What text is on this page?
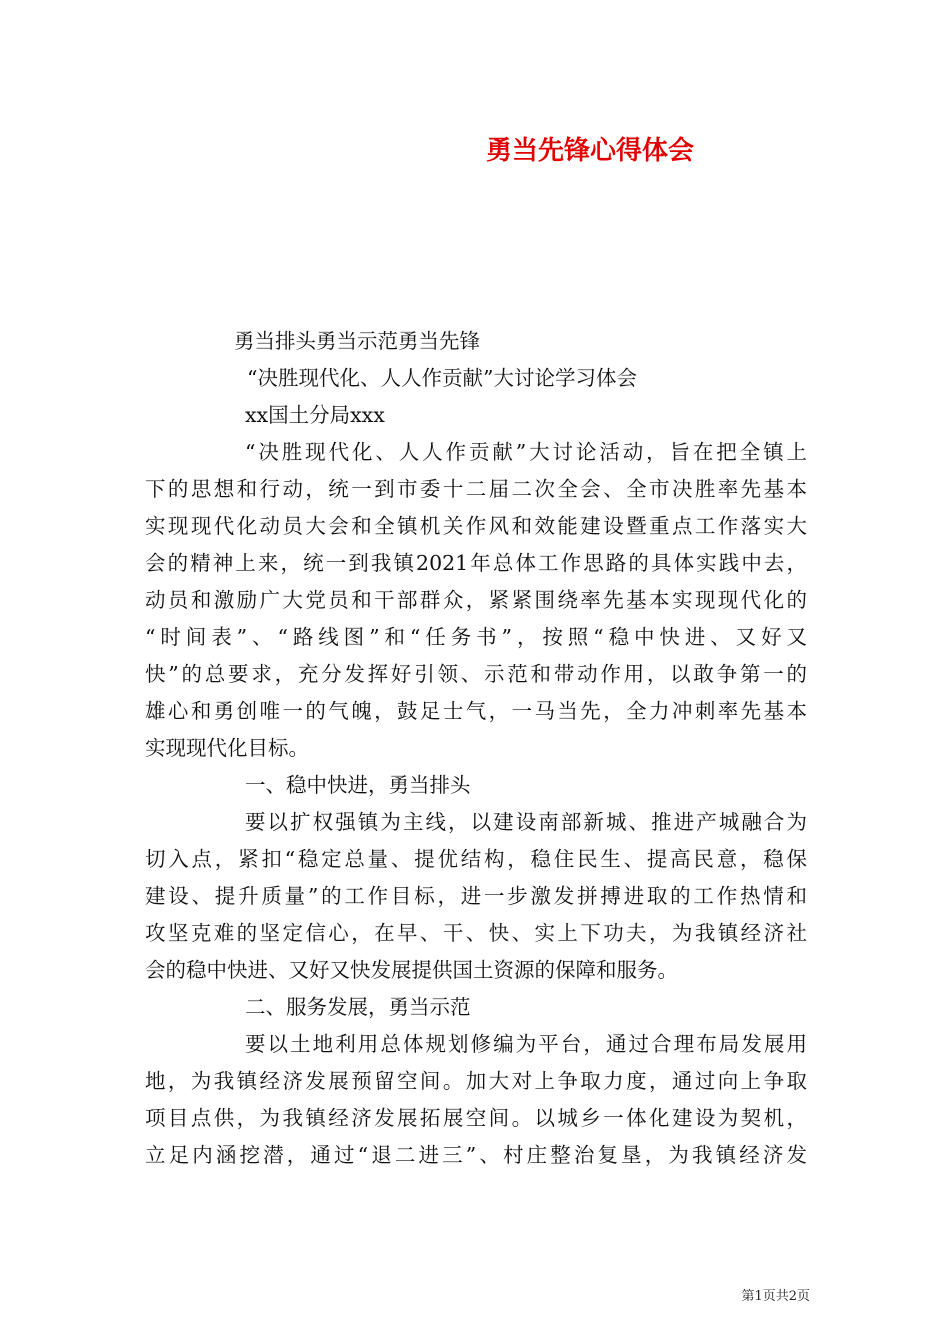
勇当先锋心得体会
勇当排头勇当示范勇当先锋
“决胜现代化、人人作贡献”大讨论学习体会
xx国土分局xxx
“决胜现代化、人人作贡献”大讨论活动，旨在把全镇上
下的思想和行动，统一到市委十二届二次全会、全市决胜率先基本
实现现代化动员大会和全镇机关作风和效能建设暨重点工作落实大
会的精神上来，统一到我镇2021年总体工作思路的具体实践中去，
动员和激励广大党员和干部群众，紧紧围绕率先基本实现现代化的
“时间表”、“路线图”和“任务书”，按照“稳中快进、又好又
快”的总要求，充分发挥好引领、示范和带动作用，以敢争第一的
雄心和勇创唯一的气魄，鼓足士气，一马当先，全力冲刺率先基本
实现现代化目标。
一、稳中快进，勇当排头
要以扩权强镇为主线，以建设南部新城、推进产城融合为
切入点，紧扣“稳定总量、提优结构，稳住民生、提高民意，稳保
建设、提升质量”的工作目标，进一步激发拼搏进取的工作热情和
攻坚克难的坚定信心，在早、干、快、实上下功夫，为我镇经济社
会的稳中快进、又好又快发展提供国土资源的保障和服务。
二、服务发展，勇当示范
要以土地利用总体规划修编为平台，通过合理布局发展用
地，为我镇经济发展预留空间。加大对上争取力度，通过向上争取
项目点供，为我镇经济发展拓展空间。以城乡一体化建设为契机，
立足内涵挖潜，通过“退二进三”、村庄整治复垦，为我镇经济发
第1页共2页
